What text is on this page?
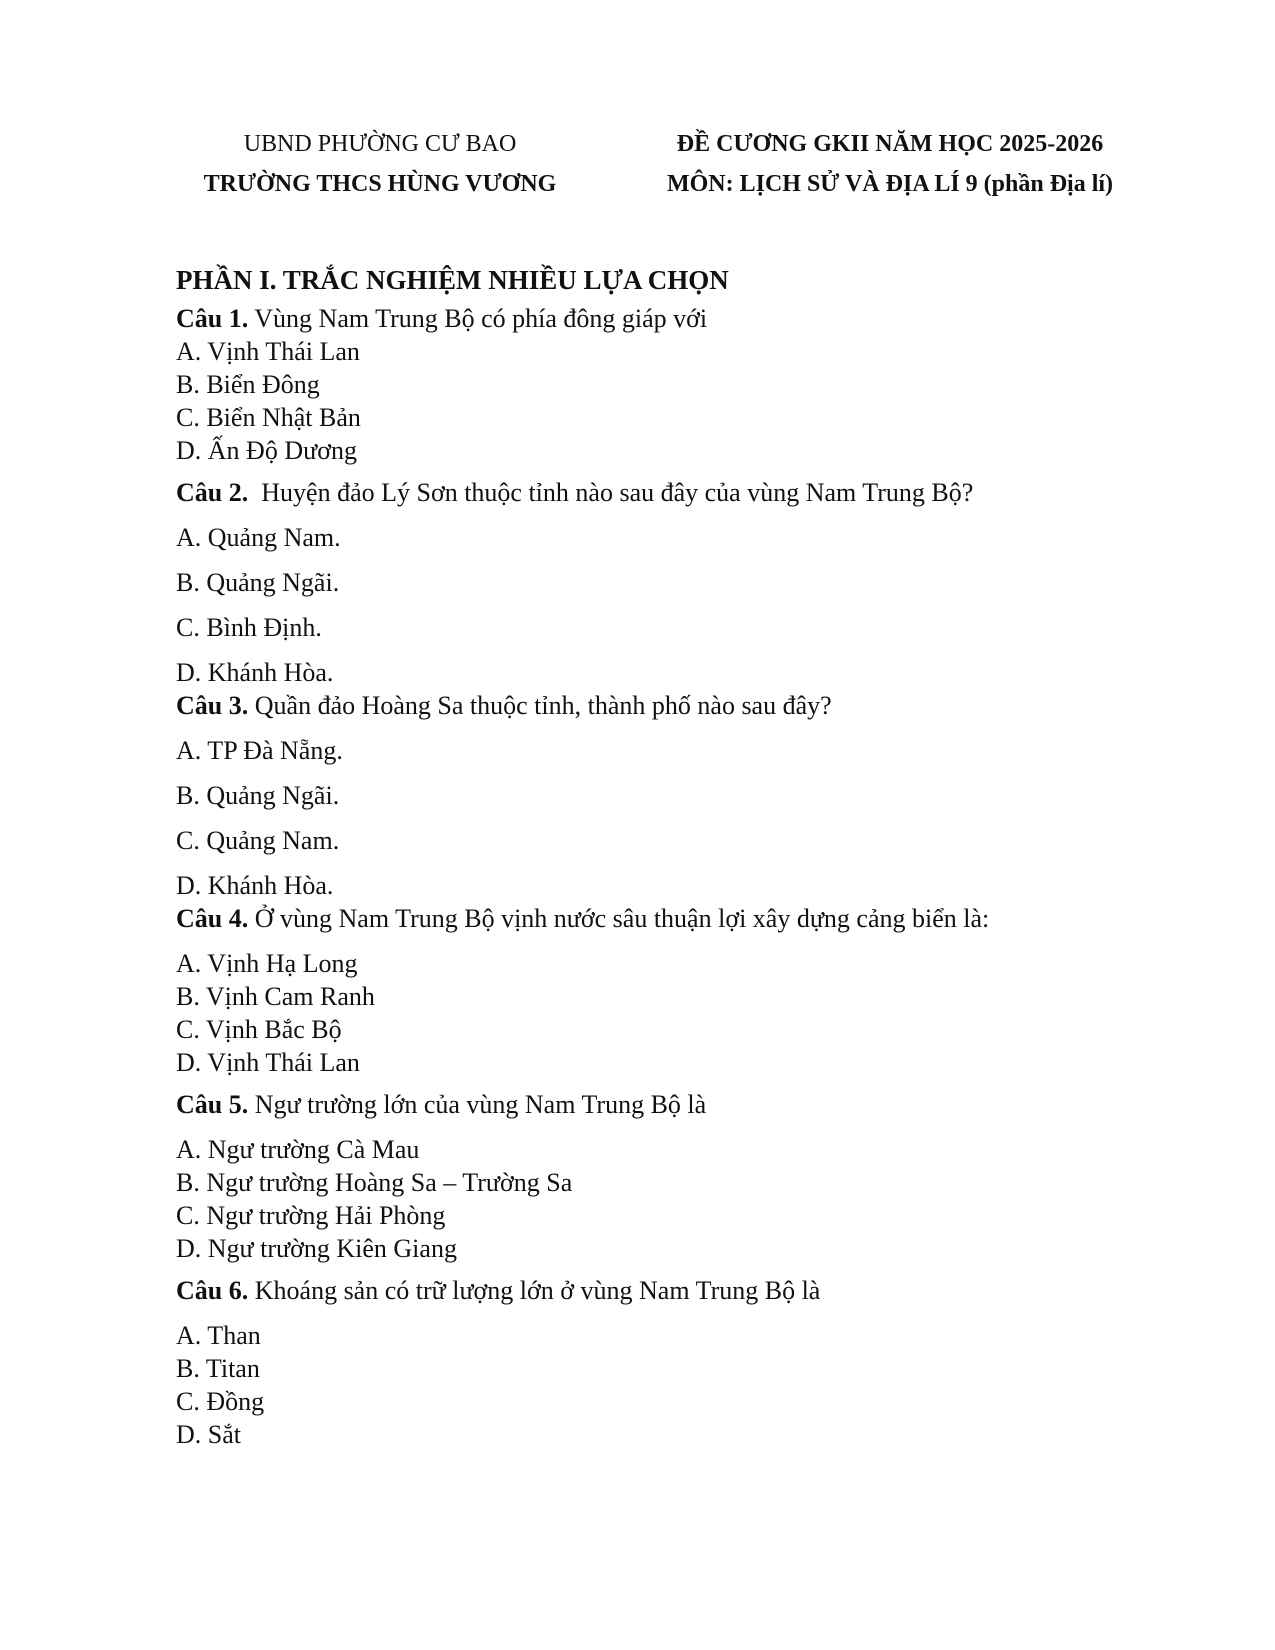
UBND PHƯỜNG CƯ BAO
TRƯỜNG THCS HÙNG VƯƠNG
ĐỀ CƯƠNG GKII NĂM HỌC 2025-2026
MÔN: LỊCH SỬ VÀ ĐỊA LÍ 9 (phần Địa lí)
PHẦN I. TRẮC NGHIỆM NHIỀU LỰA CHỌN
Câu 1. Vùng Nam Trung Bộ có phía đông giáp với
A. Vịnh Thái Lan
B. Biển Đông
C. Biển Nhật Bản
D. Ấn Độ Dương
Câu 2.  Huyện đảo Lý Sơn thuộc tỉnh nào sau đây của vùng Nam Trung Bộ?
A. Quảng Nam.
B. Quảng Ngãi.
C. Bình Định.
D. Khánh Hòa.
Câu 3. Quần đảo Hoàng Sa thuộc tỉnh, thành phố nào sau đây?
A. TP Đà Nẵng.
B. Quảng Ngãi.
C. Quảng Nam.
D. Khánh Hòa.
Câu 4. Ở vùng Nam Trung Bộ vịnh nước sâu thuận lợi xây dựng cảng biển là:
A. Vịnh Hạ Long
B. Vịnh Cam Ranh
C. Vịnh Bắc Bộ
D. Vịnh Thái Lan
Câu 5. Ngư trường lớn của vùng Nam Trung Bộ là
A. Ngư trường Cà Mau
B. Ngư trường Hoàng Sa – Trường Sa
C. Ngư trường Hải Phòng
D. Ngư trường Kiên Giang
Câu 6. Khoáng sản có trữ lượng lớn ở vùng Nam Trung Bộ là
A. Than
B. Titan
C. Đồng
D. Sắt
